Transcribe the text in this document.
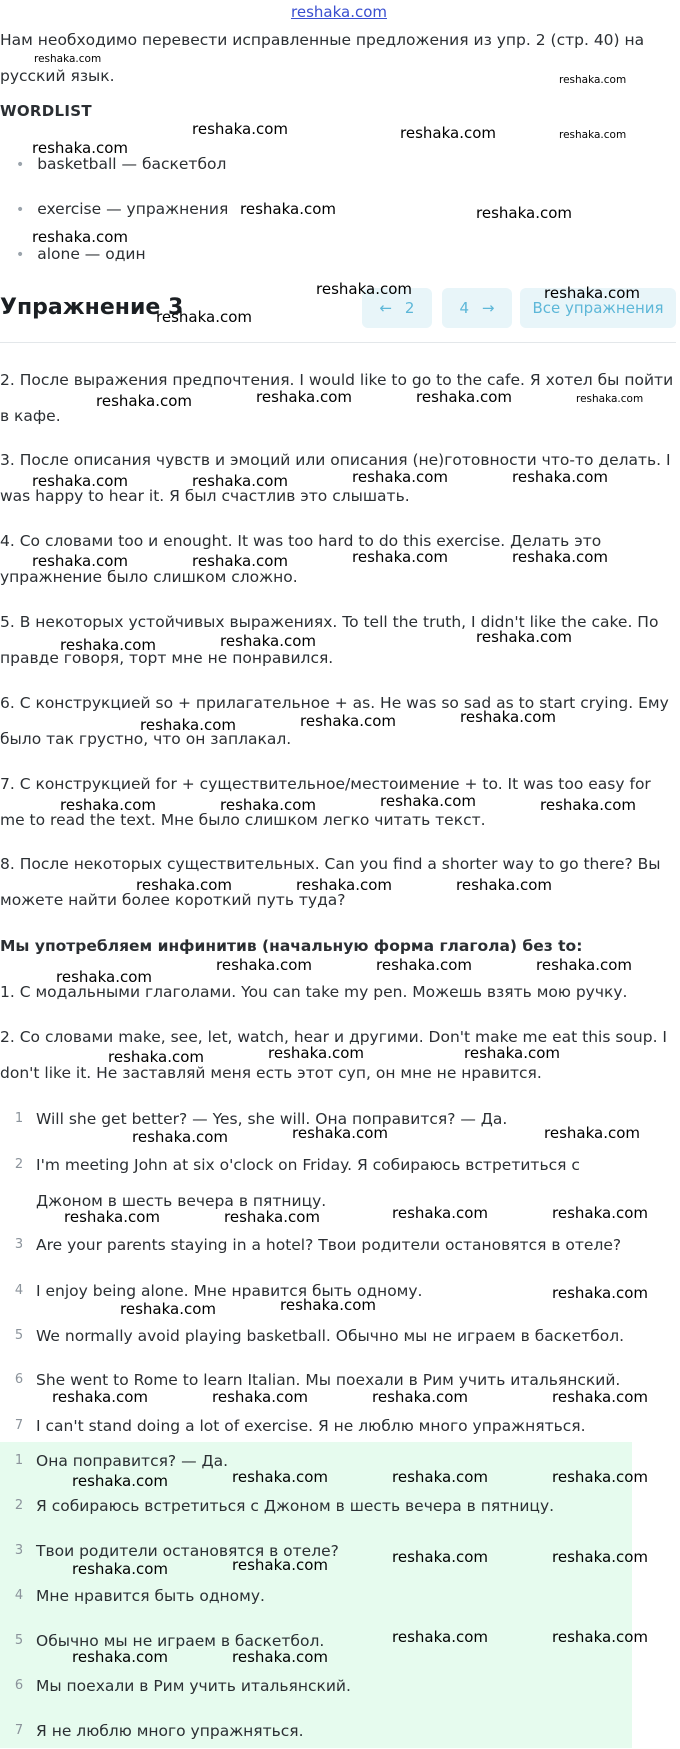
reshaka.com
Нам необходимо перевести исправленные предложения из упр. 2 (стр. 40) на русский язык.
WORDLIST
• basketball — баскетбол
• exercise — упражнения
• alone — один
Упражнение 3	← 2	4 →	Все упражнения
2. После выражения предпочтения. I would like to go to the cafe. Я хотел бы пойти в кафе.
3. После описания чувств и эмоций или описания (не)готовности что-то делать. I was happy to hear it. Я был счастлив это слышать.
4. Со словами too и enought. It was too hard to do this exercise. Делать это упражнение было слишком сложно.
5. В некоторых устойчивых выражениях. To tell the truth, I didn't like the cake. По правде говоря, торт мне не понравился.
6. С конструкцией so + прилагательное + as. He was so sad as to start crying. Ему было так грустно, что он заплакал.
7. С конструкцией for + существительное/местоимение + to. It was too easy for me to read the text. Мне было слишком легко читать текст.
8. После некоторых существительных. Can you find a shorter way to go there? Вы можете найти более короткий путь туда?
Мы употребляем инфинитив (начальную форма глагола) без to:
1. С модальными глаголами. You can take my pen. Можешь взять мою ручку.
2. Со словами make, see, let, watch, hear и другими. Don't make me eat this soup. I don't like it. Не заставляй меня есть этот суп, он мне не нравится.
1 Will she get better? — Yes, she will. Она поправится? — Да.
2 I'm meeting John at six o'clock on Friday. Я собираюсь встретиться с Джоном в шесть вечера в пятницу.
3 Are your parents staying in a hotel? Твои родители остановятся в отеле?
4 I enjoy being alone. Мне нравится быть одному.
5 We normally avoid playing basketball. Обычно мы не играем в баскетбол.
6 She went to Rome to learn Italian. Мы поехали в Рим учить итальянский.
7 I can't stand doing a lot of exercise. Я не люблю много упражняться.
1 Она поправится? — Да.
2 Я собираюсь встретиться с Джоном в шесть вечера в пятницу.
3 Твои родители остановятся в отеле?
4 Мне нравится быть одному.
5 Обычно мы не играем в баскетбол.
6 Мы поехали в Рим учить итальянский.
7 Я не люблю много упражняться.
reshaka.com
reshaka.com
reshaka.com	reshaka.com	reshaka.com
reshaka.com
reshaka.com	reshaka.com
reshaka.com
reshaka.com	reshaka.com
reshaka.com
reshaka.com	reshaka.com	reshaka.com	reshaka.com
reshaka.com	reshaka.com	reshaka.com	reshaka.com
reshaka.com	reshaka.com	reshaka.com	reshaka.com
reshaka.com	reshaka.com	reshaka.com
reshaka.com	reshaka.com	reshaka.com
reshaka.com	reshaka.com	reshaka.com	reshaka.com
reshaka.com	reshaka.com	reshaka.com
reshaka.com	reshaka.com	reshaka.com
reshaka.com
reshaka.com	reshaka.com	reshaka.com
reshaka.com	reshaka.com	reshaka.com
reshaka.com	reshaka.com	reshaka.com	reshaka.com
reshaka.com	reshaka.com
reshaka.com
reshaka.com	reshaka.com	reshaka.com	reshaka.com
reshaka.com	reshaka.com	reshaka.com	reshaka.com
reshaka.com	reshaka.com	reshaka.com	reshaka.com
reshaka.com	reshaka.com
reshaka.com	reshaka.com
